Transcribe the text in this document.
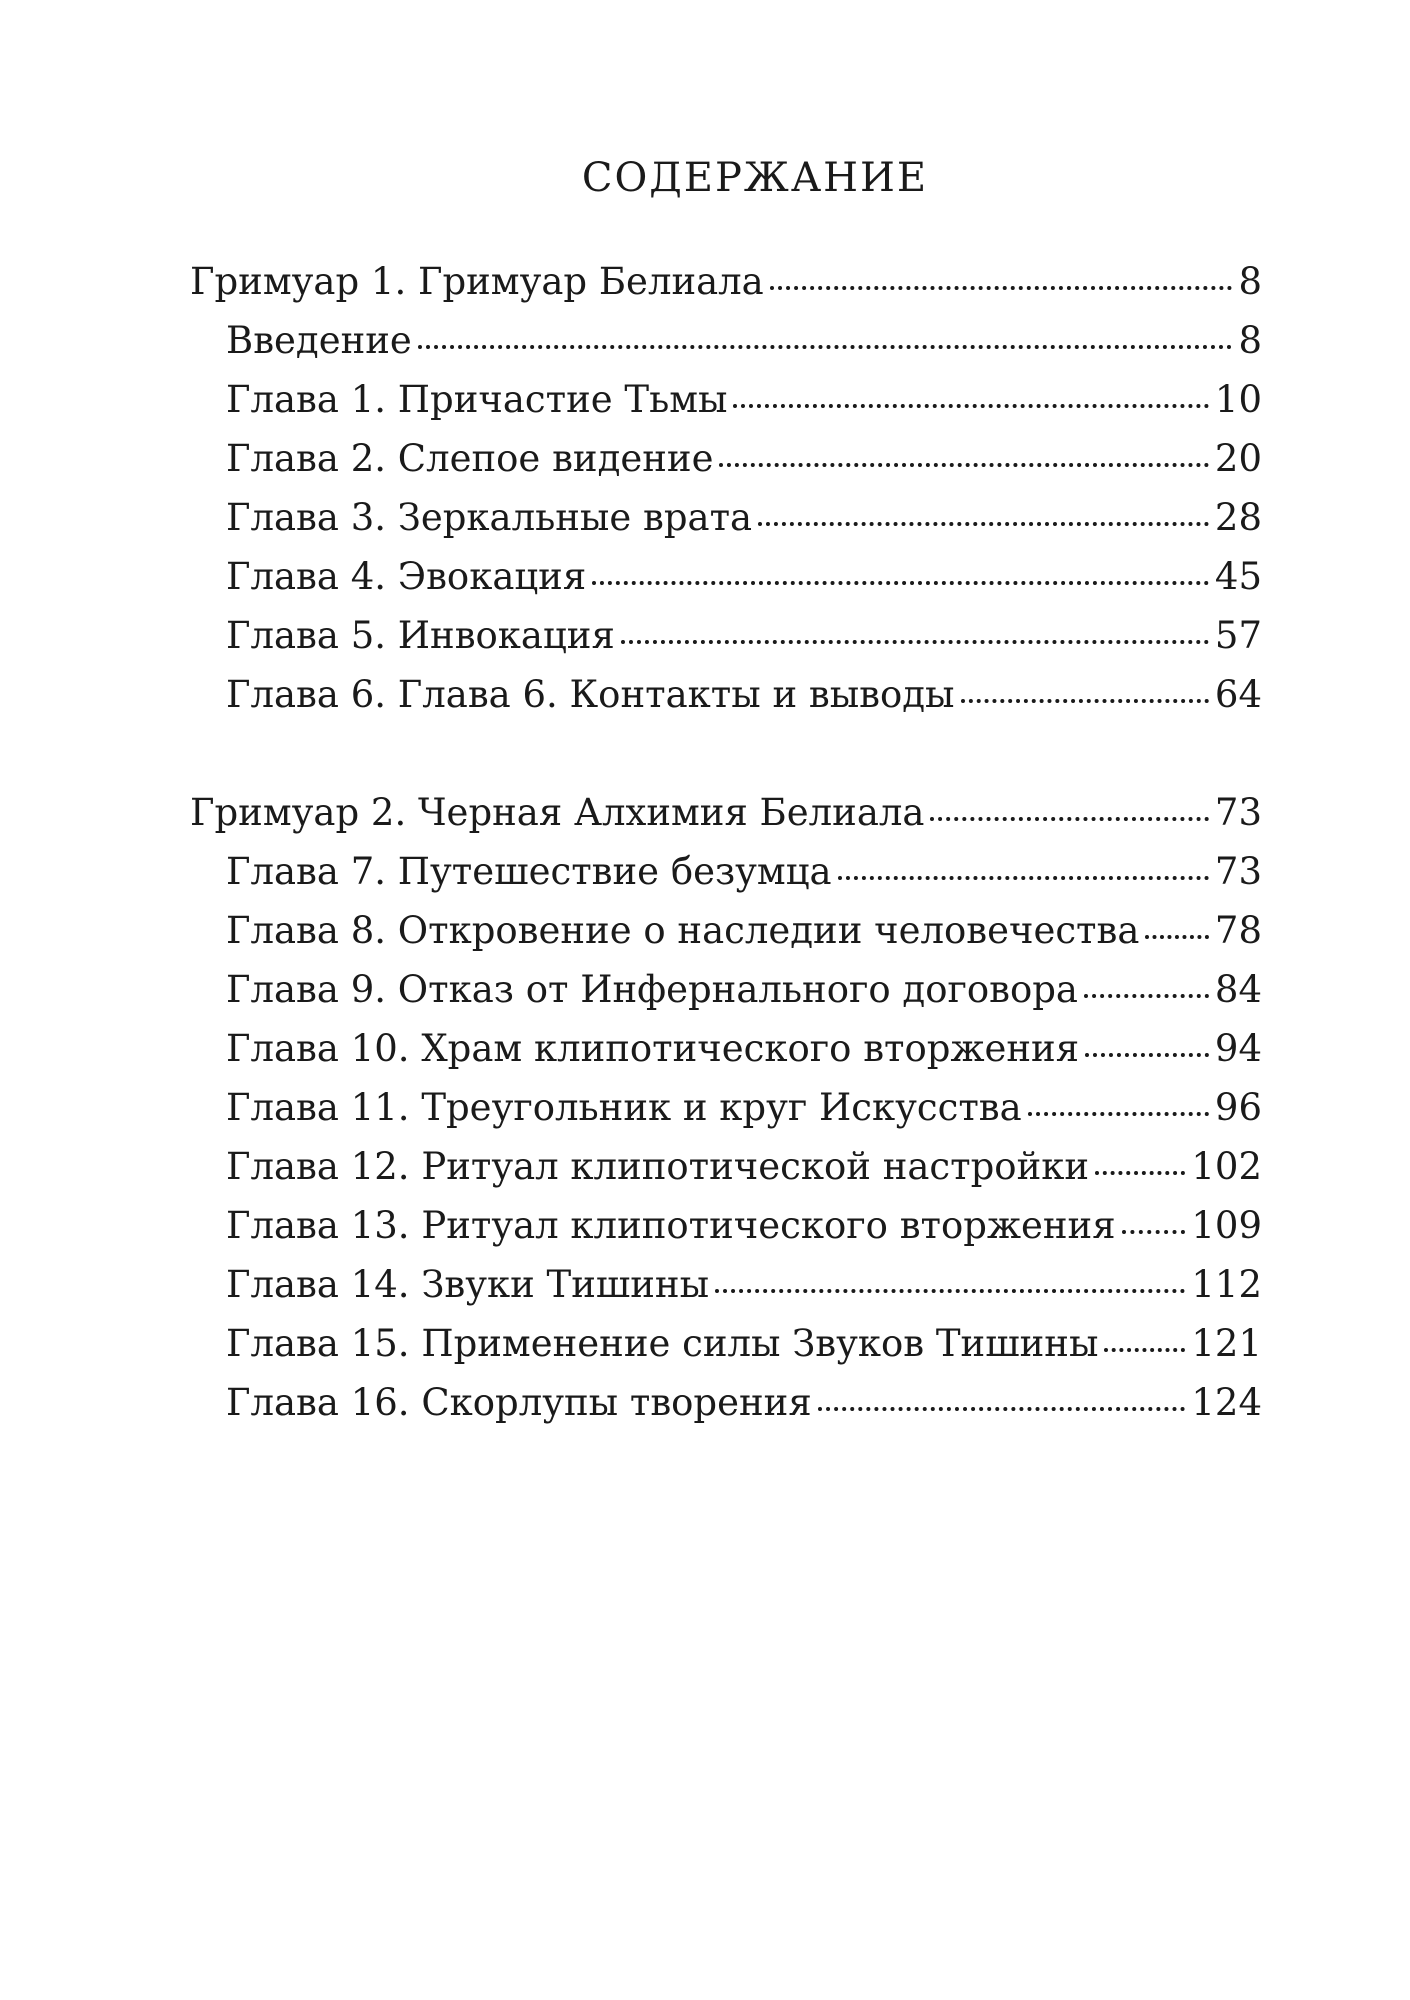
СОДЕРЖАНИЕ
Гримуар 1. Гримуар Белиала	8
Введение	8
Глава 1. Причастие Тьмы	10
Глава 2. Слепое видение	20
Глава 3. Зеркальные врата	28
Глава 4. Эвокация	45
Глава 5. Инвокация	57
Глава 6. Глава 6. Контакты и выводы	64
Гримуар 2. Черная Алхимия Белиала	73
Глава 7. Путешествие безумца	73
Глава 8. Откровение о наследии человечества 78
Глава 9. Отказ от Инфернального договора	84
Глава 10. Храм клипотического вторжения	94
Глава 11. Треугольник и круг Искусства	96
Глава 12. Ритуал клипотической настройки	102
Глава 13. Ритуал клипотического вторжения 109
Глава 14. Звуки Тишины	112
Глава 15. Применение силы Звуков Тишины	121
Глава 16. Скорлупы творения	124
